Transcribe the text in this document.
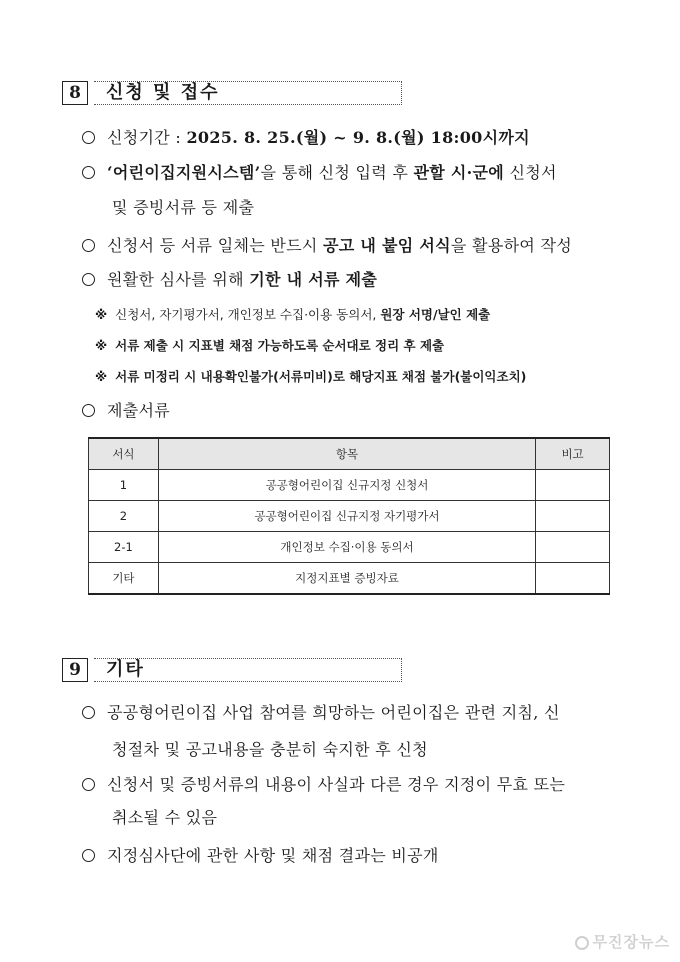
8	신청 및 접수
신청기간 : 2025. 8. 25.(월) ~ 9. 8.(월) 18:00시까지
‘어린이집지원시스템’을 통해 신청 입력 후 관할 시·군에 신청서
및 증빙서류 등 제출
신청서 등 서류 일체는 반드시 공고 내 붙임 서식을 활용하여 작성
원활한 심사를 위해 기한 내 서류 제출
※ 신청서, 자기평가서, 개인정보 수집·이용 동의서, 원장 서명/날인 제출
※ 서류 제출 시 지표별 채점 가능하도록 순서대로 정리 후 제출
※ 서류 미정리 시 내용확인불가(서류미비)로 해당지표 채점 불가(불이익조치)
제출서류
서식	항목	비고
1	공공형어린이집 신규지정 신청서	
2	공공형어린이집 신규지정 자기평가서	
2-1	개인정보 수집·이용 동의서	
기타	지정지표별 증빙자료	
9	기타
공공형어린이집 사업 참여를 희망하는 어린이집은 관련 지침, 신
청절차 및 공고내용을 충분히 숙지한 후 신청
신청서 및 증빙서류의 내용이 사실과 다른 경우 지정이 무효 또는
취소될 수 있음
지정심사단에 관한 사항 및 채점 결과는 비공개
무진장뉴스
